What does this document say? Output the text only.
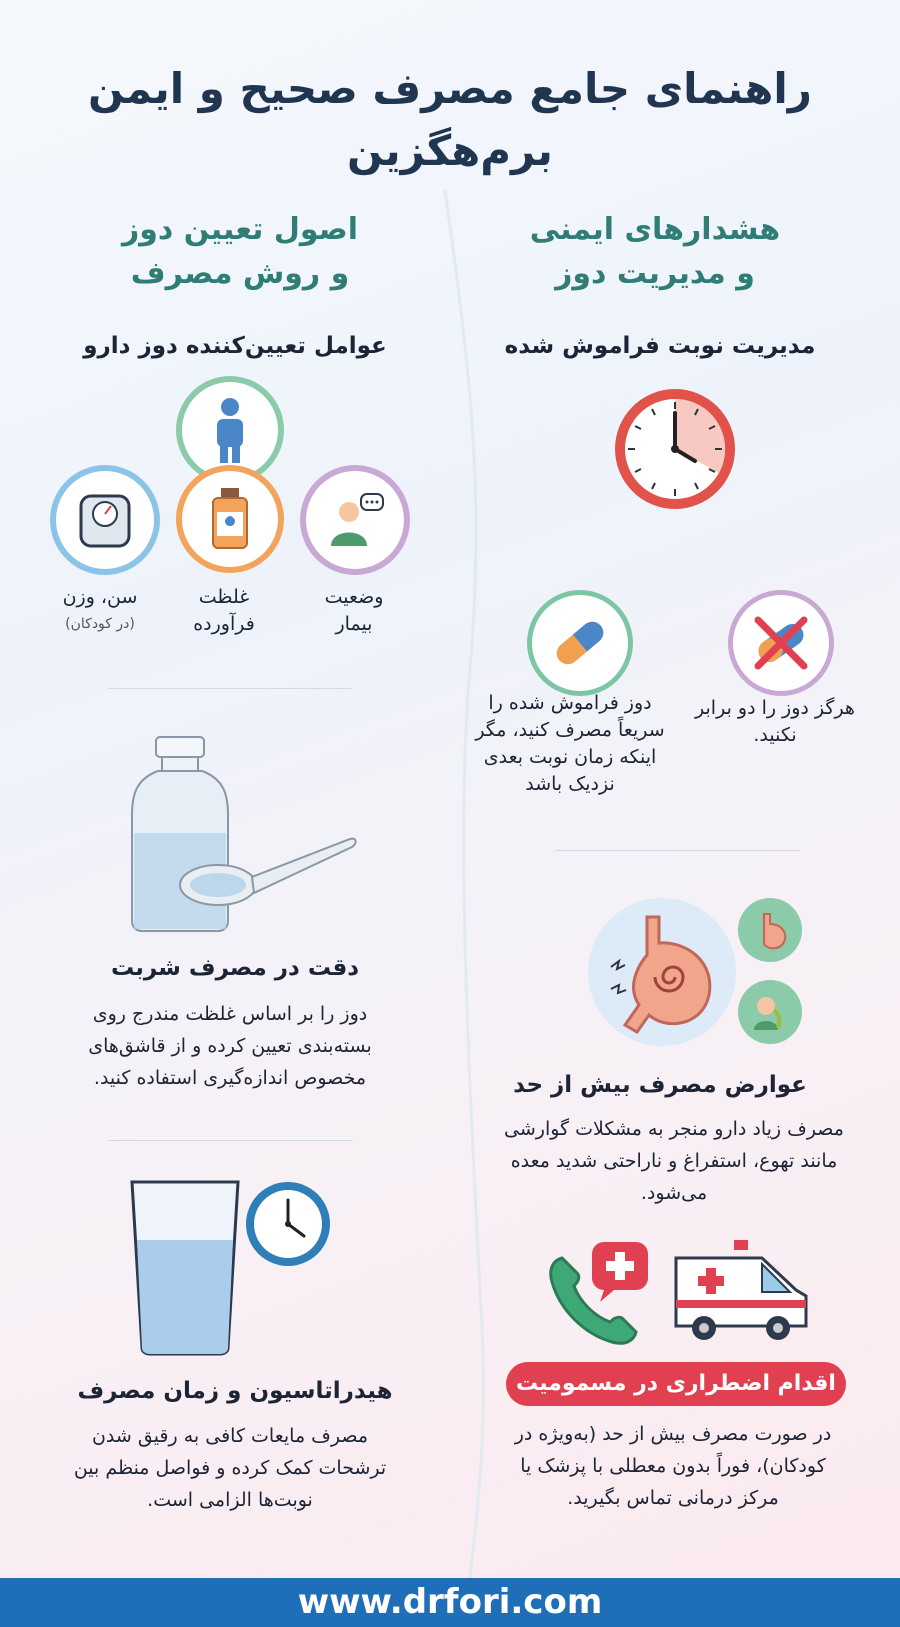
راهنمای جامع مصرف صحیح و ایمن
برم‌هگزین
هشدارهای ایمنی
و مدیریت دوز
مدیریت نوبت فراموش شده
هرگز دوز را دو برابر نکنید.
دوز فراموش شده را سریعاً مصرف کنید، مگر اینکه زمان نوبت بعدی نزدیک باشد
عوارض مصرف بیش از حد
مصرف زیاد دارو منجر به مشکلات گوارشی مانند تهوع، استفراغ و ناراحتی شدید معده می‌شود.
اقدام اضطراری در مسمومیت
در صورت مصرف بیش از حد (به‌ویژه در کودکان)، فوراً بدون معطلی با پزشک یا مرکز درمانی تماس بگیرید.
اصول تعیین دوز
و روش مصرف
عوامل تعیین‌کننده دوز دارو
سن، وزن
(در کودکان)
غلظت
فرآورده
وضعیت
بیمار
دقت در مصرف شربت
دوز را بر اساس غلظت مندرج روی بسته‌بندی تعیین کرده و از قاشق‌های مخصوص اندازه‌گیری استفاده کنید.
هیدراتاسیون و زمان مصرف
مصرف مایعات کافی به رقیق شدن ترشحات کمک کرده و فواصل منظم بین نوبت‌ها الزامی است.
www.drfori.com
